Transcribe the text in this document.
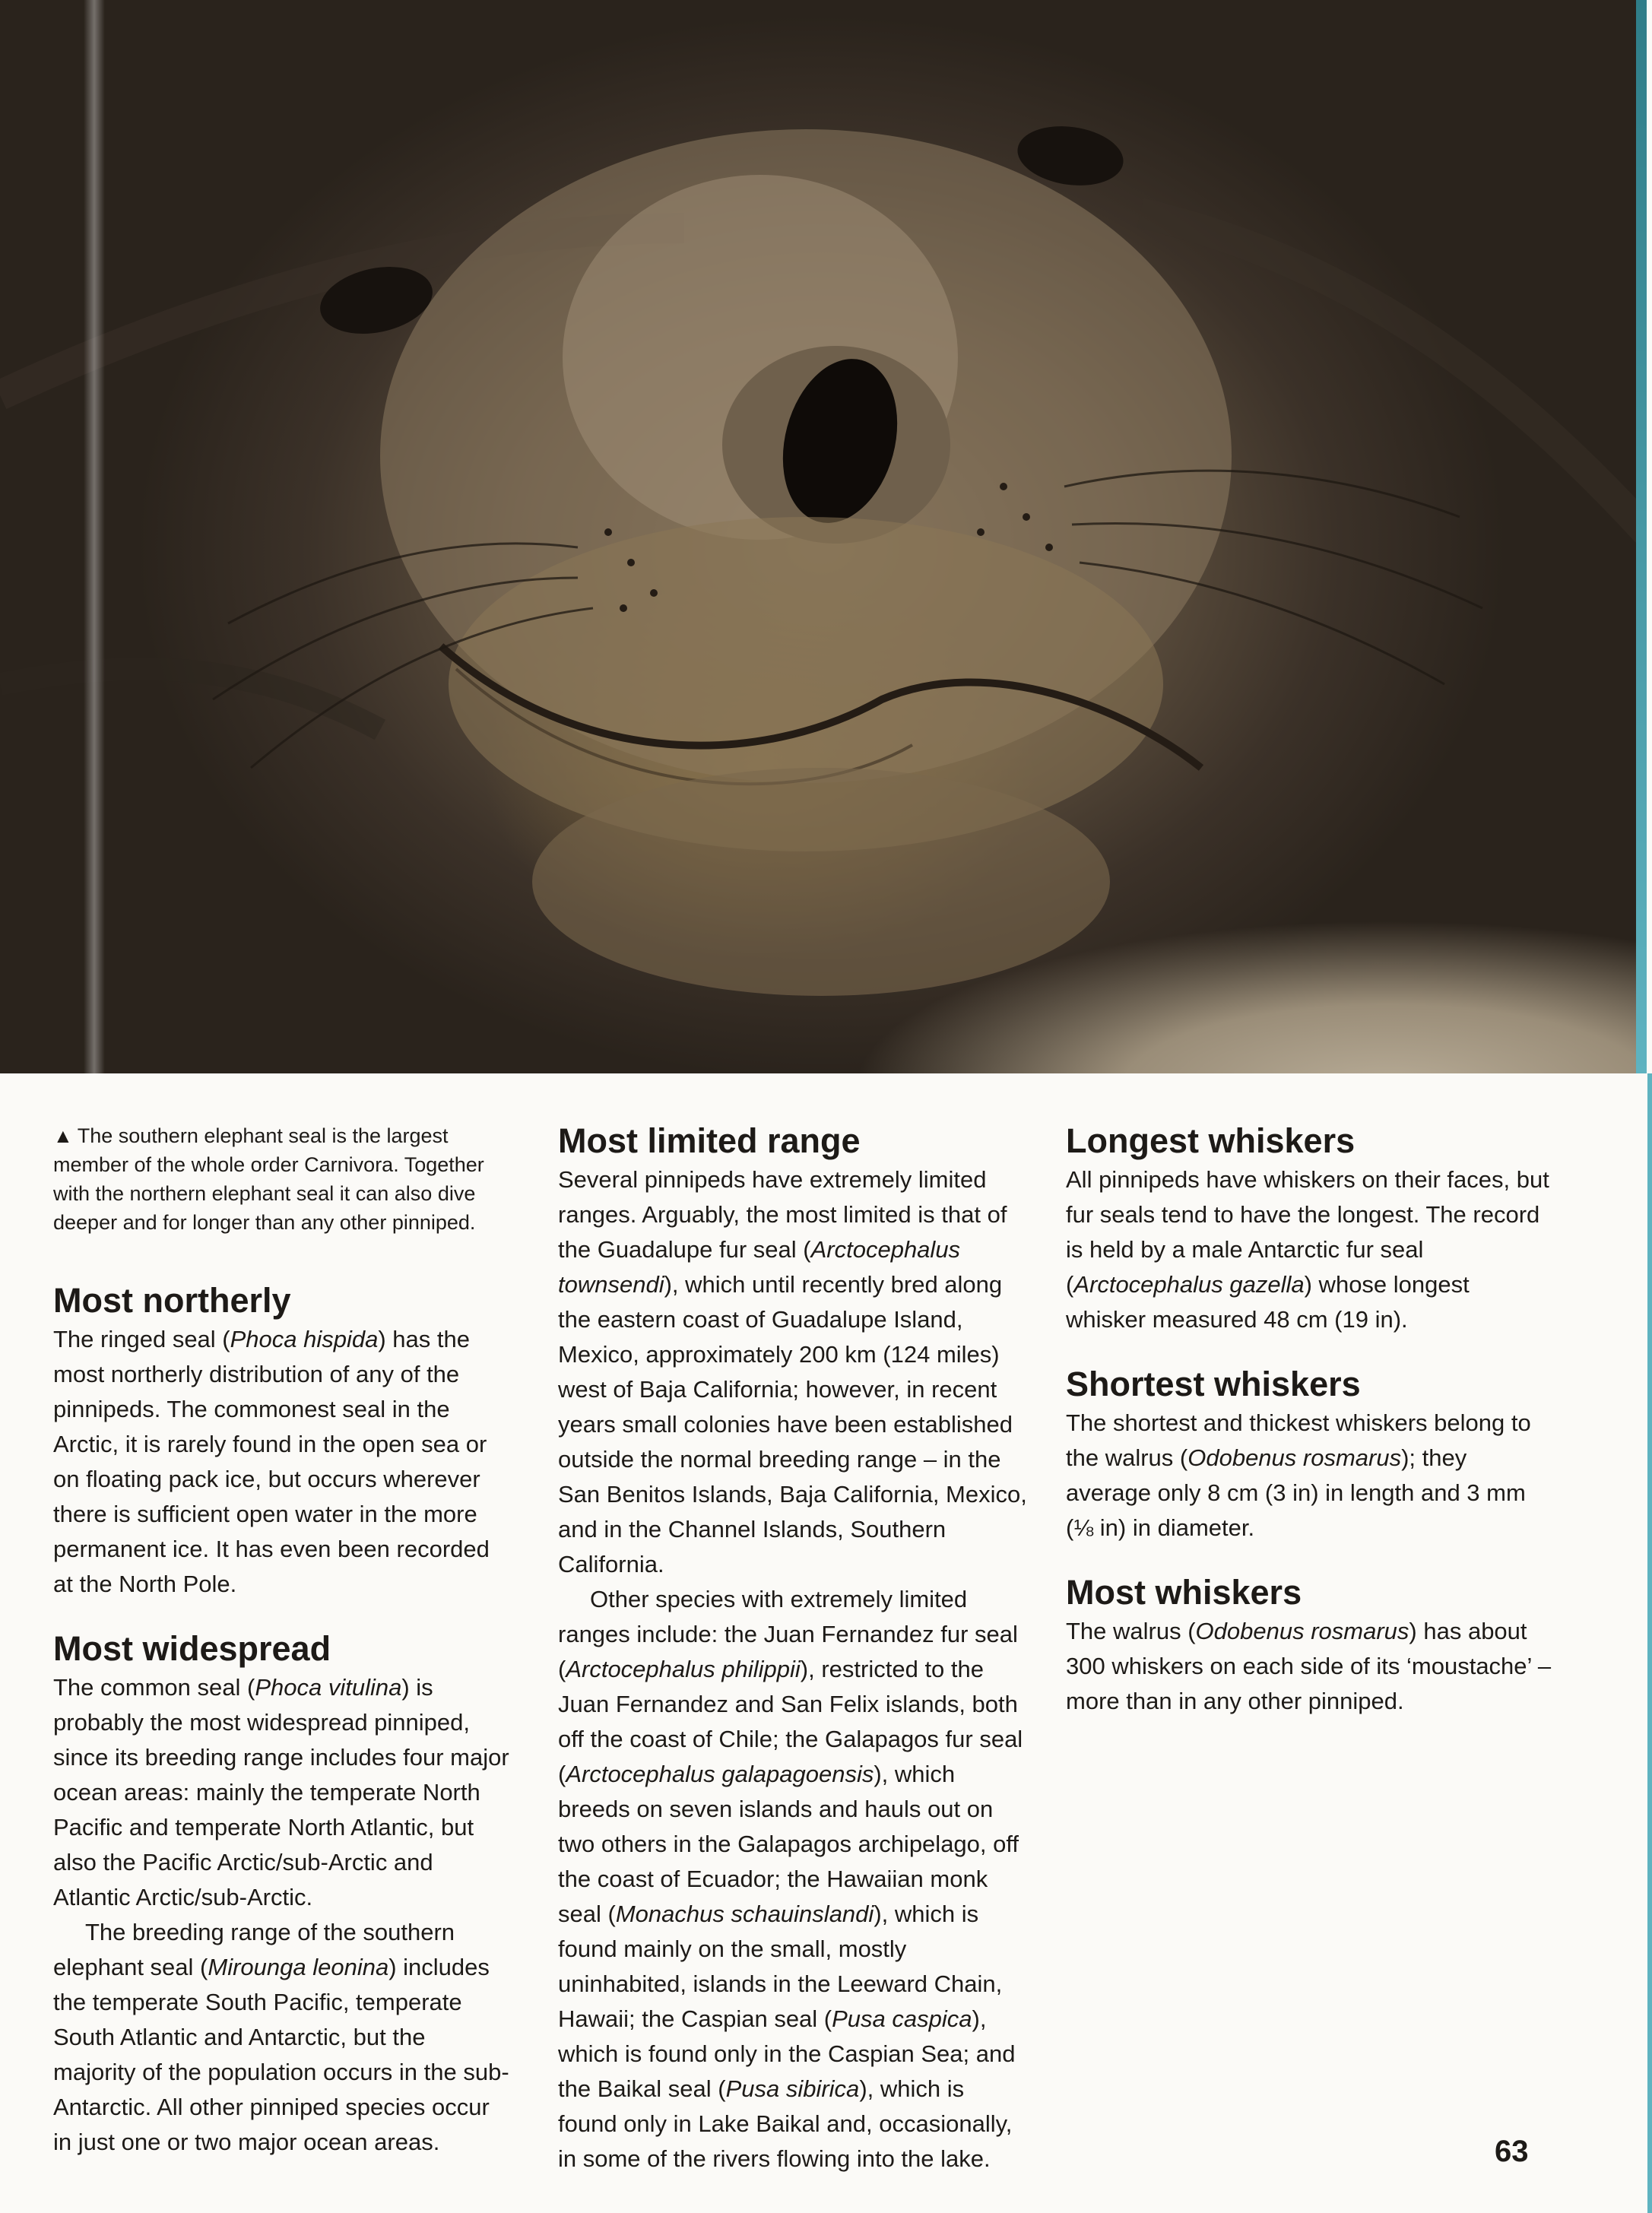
▲ The southern elephant seal is the largest member of the whole order Carnivora. Together with the northern elephant seal it can also dive deeper and for longer than any other pinniped.
Most northerly

The ringed seal (Phoca hispida) has the most northerly distribution of any of the pinnipeds. The commonest seal in the Arctic, it is rarely found in the open sea or on floating pack ice, but occurs wherever there is sufficient open water in the more permanent ice. It has even been recorded at the North Pole.

Most widespread

The common seal (Phoca vitulina) is probably the most widespread pinniped, since its breeding range includes four major ocean areas: mainly the temperate North Pacific and temperate North Atlantic, but also the Pacific Arctic/sub-Arctic and Atlantic Arctic/sub-Arctic.

The breeding range of the southern elephant seal (Mirounga leonina) includes the temperate South Pacific, temperate South Atlantic and Antarctic, but the majority of the population occurs in the sub-Antarctic. All other pinniped species occur in just one or two major ocean areas.

Most limited range

Several pinnipeds have extremely limited ranges. Arguably, the most limited is that of the Guadalupe fur seal (Arctocephalus townsendi), which until recently bred along the eastern coast of Guadalupe Island, Mexico, approximately 200 km (124 miles) west of Baja California; however, in recent years small colonies have been established outside the normal breeding range – in the San Benitos Islands, Baja California, Mexico, and in the Channel Islands, Southern California.

Other species with extremely limited ranges include: the Juan Fernandez fur seal (Arctocephalus philippii), restricted to the Juan Fernandez and San Felix islands, both off the coast of Chile; the Galapagos fur seal (Arctocephalus galapagoensis), which breeds on seven islands and hauls out on two others in the Galapagos archipelago, off the coast of Ecuador; the Hawaiian monk seal (Monachus schauinslandi), which is found mainly on the small, mostly uninhabited, islands in the Leeward Chain, Hawaii; the Caspian seal (Pusa caspica), which is found only in the Caspian Sea; and the Baikal seal (Pusa sibirica), which is found only in Lake Baikal and, occasionally, in some of the rivers flowing into the lake.

Longest whiskers

All pinnipeds have whiskers on their faces, but fur seals tend to have the longest. The record is held by a male Antarctic fur seal (Arctocephalus gazella) whose longest whisker measured 48 cm (19 in).

Shortest whiskers

The shortest and thickest whiskers belong to the walrus (Odobenus rosmarus); they average only 8 cm (3 in) in length and 3 mm (⅛ in) in diameter.

Most whiskers

The walrus (Odobenus rosmarus) has about 300 whiskers on each side of its ‘moustache’ – more than in any other pinniped.

63
